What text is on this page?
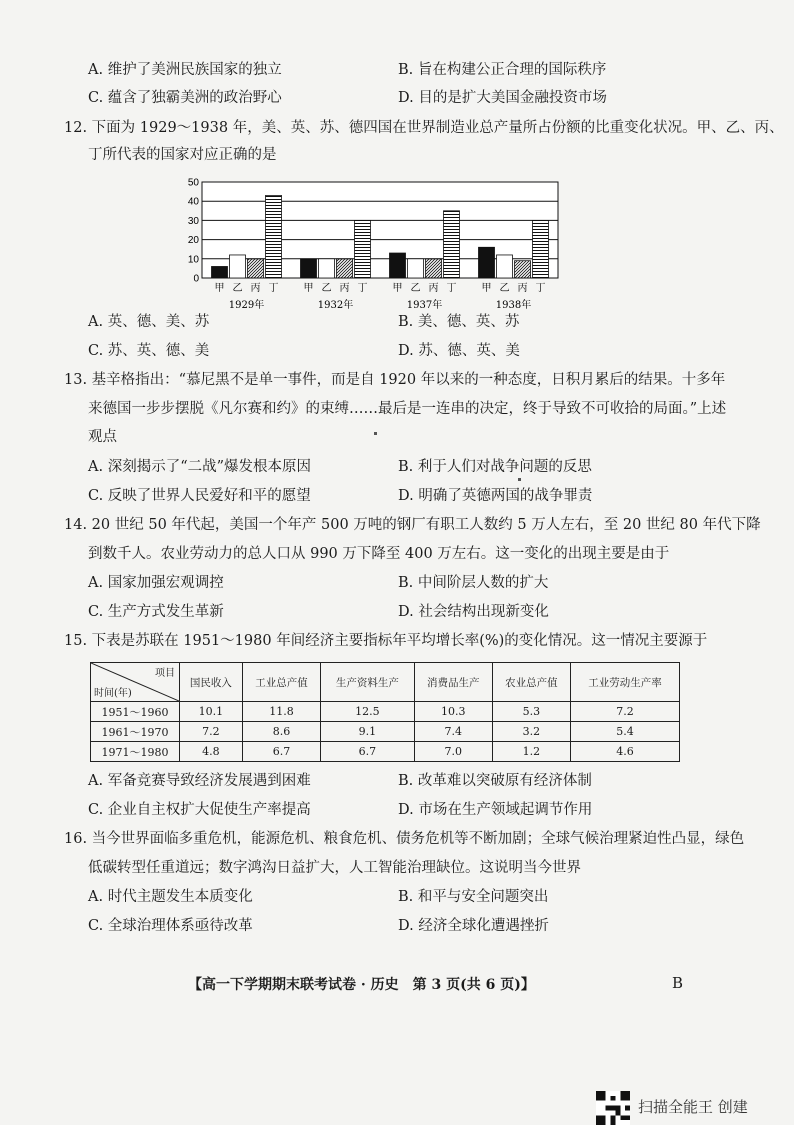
A. 维护了美洲民族国家的独立	B. 旨在构建公正合理的国际秩序
C. 蕴含了独霸美洲的政治野心	D. 目的是扩大美国金融投资市场
12. 下面为 1929～1938 年，美、英、苏、德四国在世界制造业总产量所占份额的比重变化状况。甲、乙、丙、
丁所代表的国家对应正确的是
0
10
20
30
40
50
甲 乙 丙 丁
1929年
甲 乙 丙 丁
1932年
甲 乙 丙 丁
1937年
甲 乙 丙 丁
1938年
A. 英、德、美、苏	B. 美、德、英、苏
C. 苏、英、德、美	D. 苏、德、英、美
13. 基辛格指出：“慕尼黑不是单一事件，而是自 1920 年以来的一种态度，日积月累后的结果。十多年
来德国一步步摆脱《凡尔赛和约》的束缚……最后是一连串的决定，终于导致不可收拾的局面。”上述
观点
A. 深刻揭示了“二战”爆发根本原因	B. 利于人们对战争问题的反思
C. 反映了世界人民爱好和平的愿望	D. 明确了英德两国的战争罪责
14. 20 世纪 50 年代起，美国一个年产 500 万吨的钢厂有职工人数约 5 万人左右，至 20 世纪 80 年代下降
到数千人。农业劳动力的总人口从 990 万下降至 400 万左右。这一变化的出现主要是由于
A. 国家加强宏观调控	B. 中间阶层人数的扩大
C. 生产方式发生革新	D. 社会结构出现新变化
15. 下表是苏联在 1951～1980 年间经济主要指标年平均增长率(%)的变化情况。这一情况主要源于
项目
时间(年)	国民收入	工业总产值	生产资料生产	消费品生产	农业总产值	工业劳动生产率
1951～1960	10.1	11.8	12.5	10.3	5.3	7.2
1961～1970	7.2	8.6	9.1	7.4	3.2	5.4
1971～1980	4.8	6.7	6.7	7.0	1.2	4.6
A. 军备竞赛导致经济发展遇到困难	B. 改革难以突破原有经济体制
C. 企业自主权扩大促使生产率提高	D. 市场在生产领域起调节作用
16. 当今世界面临多重危机，能源危机、粮食危机、债务危机等不断加剧；全球气候治理紧迫性凸显，绿色
低碳转型任重道远；数字鸿沟日益扩大，人工智能治理缺位。这说明当今世界
A. 时代主题发生本质变化	B. 和平与安全问题突出
C. 全球治理体系亟待改革	D. 经济全球化遭遇挫折
【高一下学期期末联考试卷 · 历史　第 3 页(共 6 页)】	B
扫描全能王 创建
